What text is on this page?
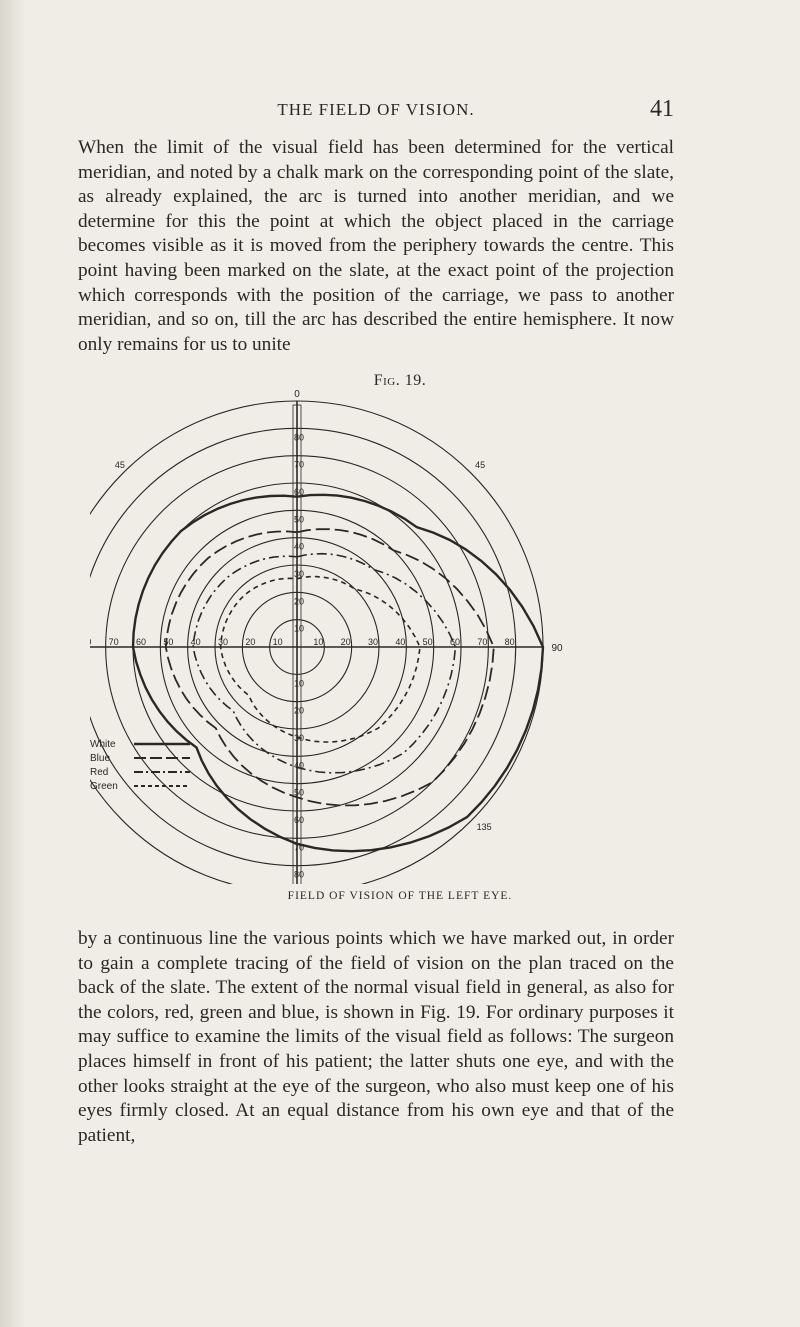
THE FIELD OF VISION.	41

When the limit of the visual field has been determined for the vertical meridian, and noted by a chalk mark on the corresponding point of the slate, as already explained, the arc is turned into another meridian, and we determine for this the point at which the object placed in the carriage becomes visible as it is moved from the periphery towards the centre. This point having been marked on the slate, at the exact point of the projection which corresponds with the position of the carriage, we pass to another meridian, and so on, till the arc has described the entire hemisphere. It now only remains for us to unite

Fig. 19.
0
45	45
90
135
80
70
60
50
40
30
20
10
10
20
30
40
50
60
70
80
70 60 50 40 30 20 10	10 20 30 40 50 60 70 80
White
Blue
Red
Green
FIELD OF VISION OF THE LEFT EYE.

by a continuous line the various points which we have marked out, in order to gain a complete tracing of the field of vision on the plan traced on the back of the slate. The extent of the normal visual field in general, as also for the colors, red, green and blue, is shown in Fig. 19. For ordinary purposes it may suffice to examine the limits of the visual field as follows: The surgeon places himself in front of his patient; the latter shuts one eye, and with the other looks straight at the eye of the surgeon, who also must keep one of his eyes firmly closed. At an equal distance from his own eye and that of the patient,
